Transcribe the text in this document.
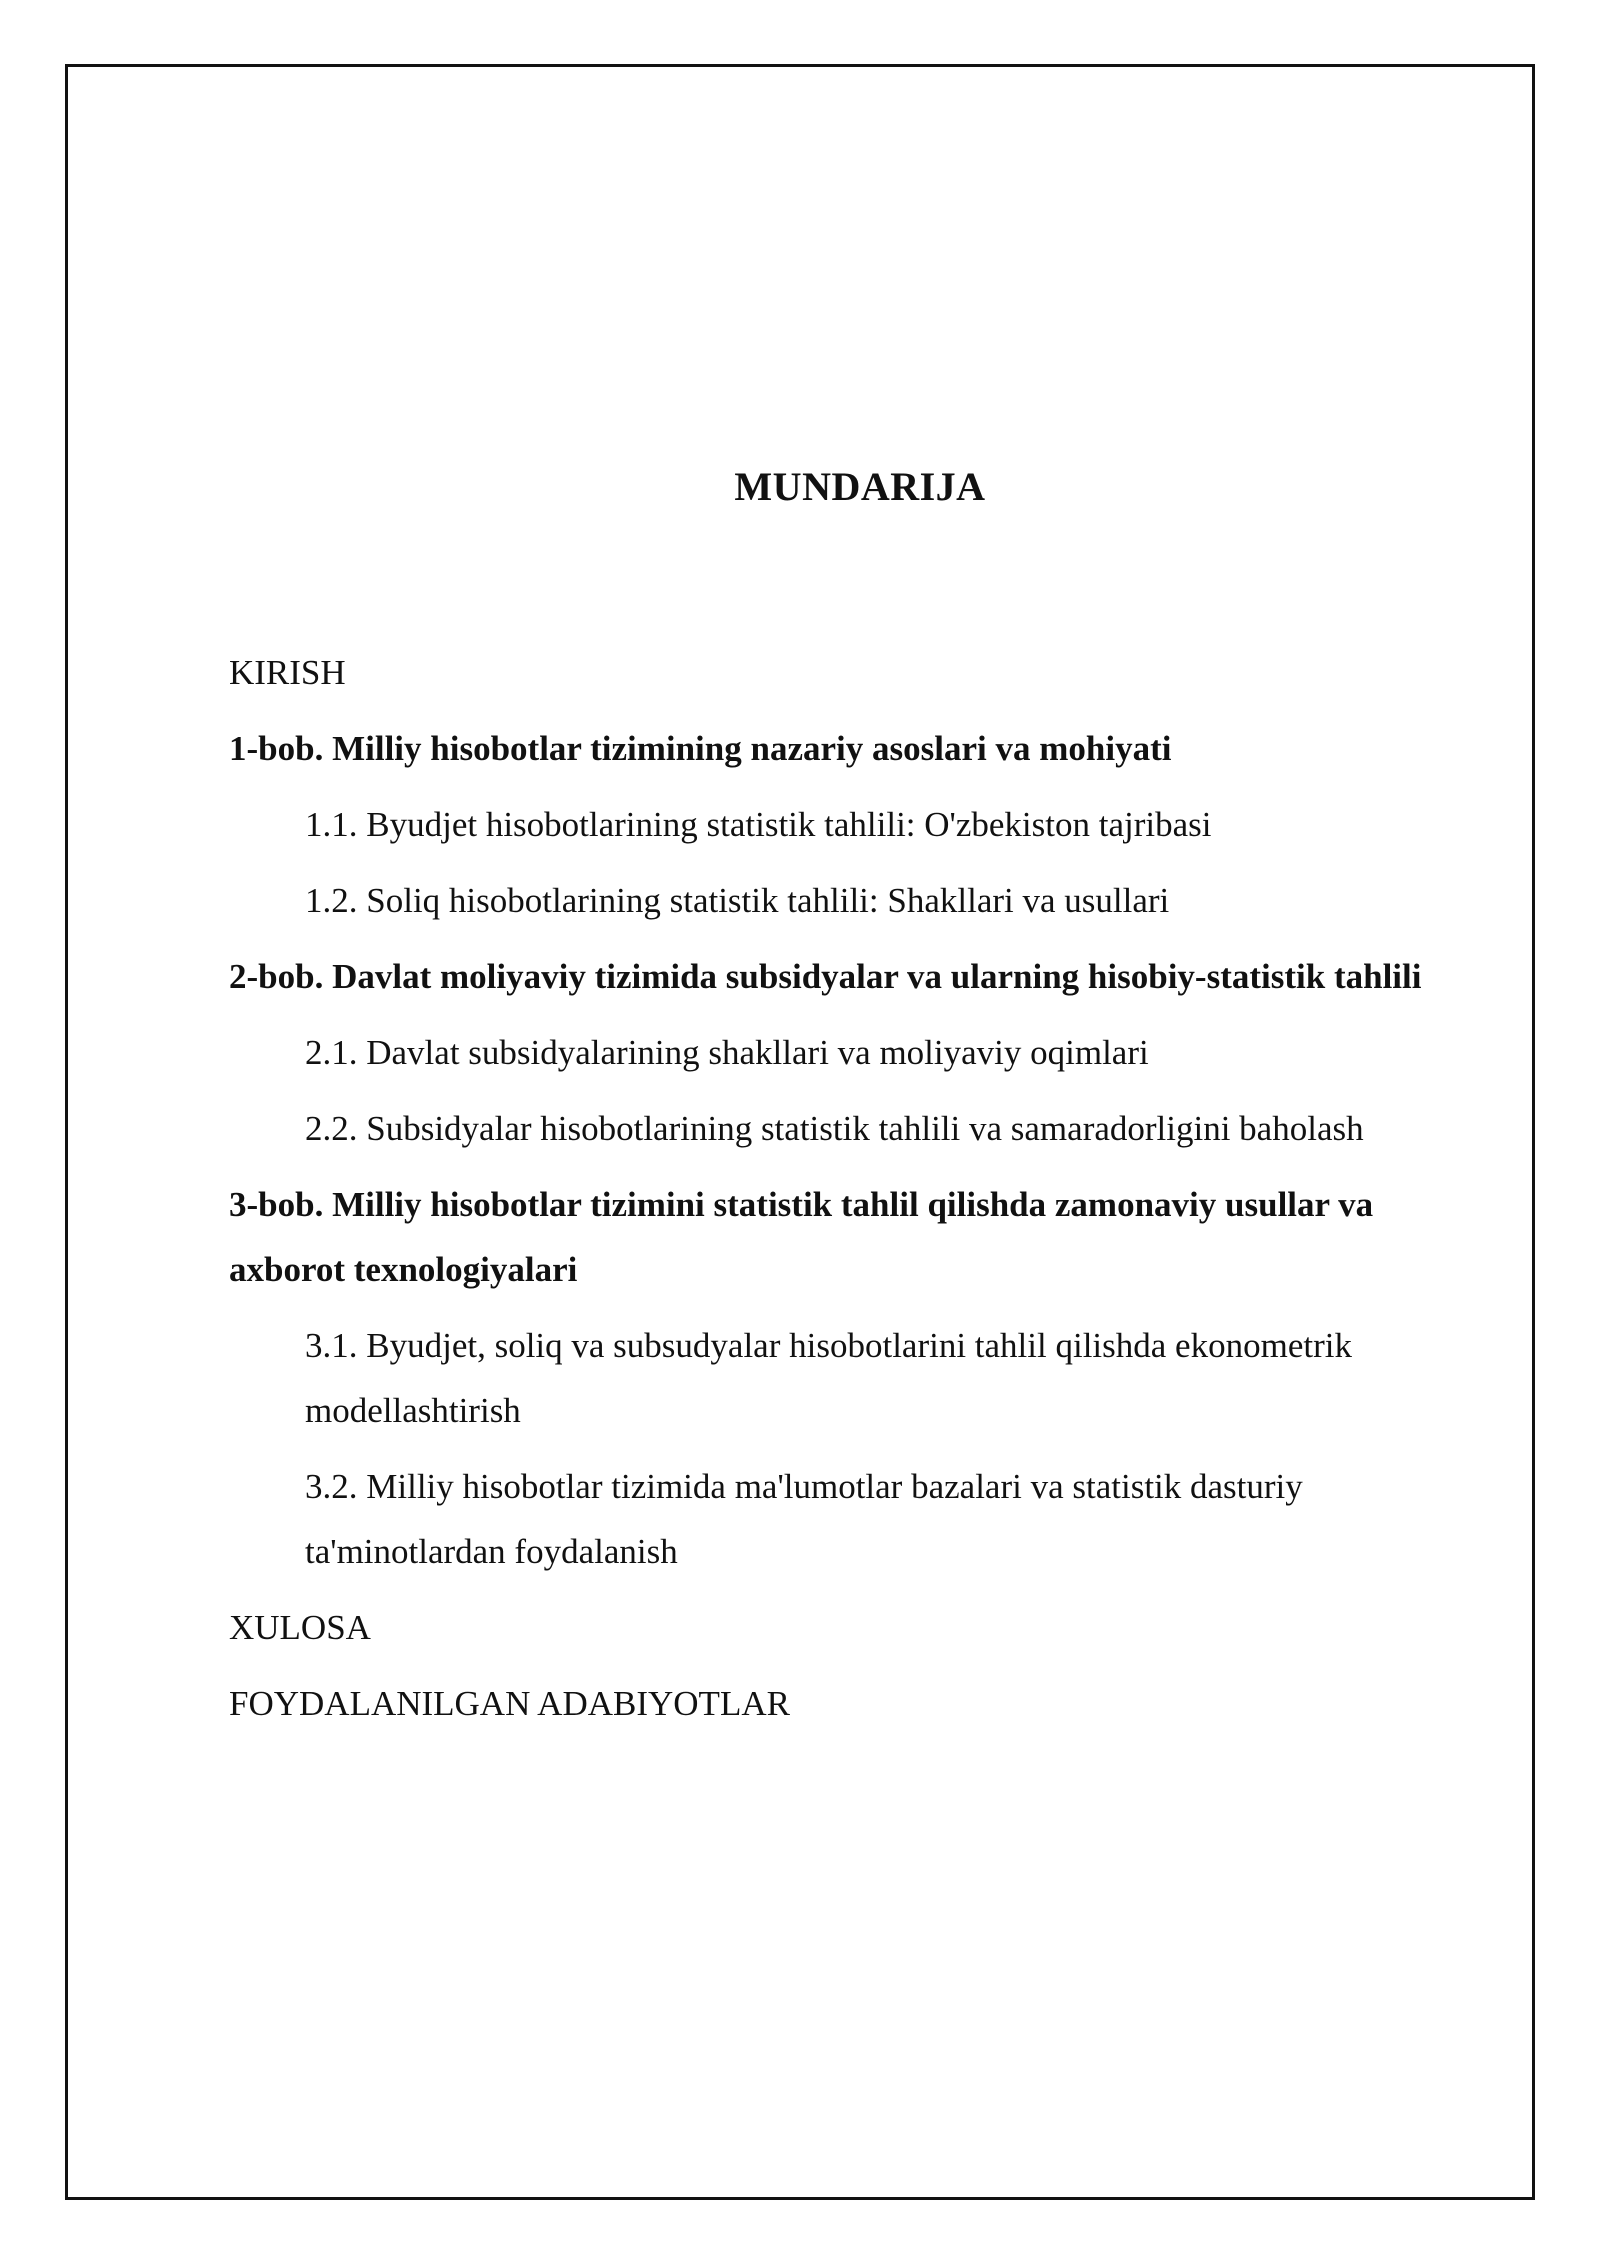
MUNDARIJA
KIRISH
1-bob. Milliy hisobotlar tizimining nazariy asoslari va mohiyati
1.1. Byudjet hisobotlarining statistik tahlili: O'zbekiston tajribasi
1.2. Soliq hisobotlarining statistik tahlili: Shakllari va usullari
2-bob. Davlat moliyaviy tizimida subsidyalar va ularning hisobiy-statistik tahlili
2.1. Davlat subsidyalarining shakllari va moliyaviy oqimlari
2.2. Subsidyalar hisobotlarining statistik tahlili va samaradorligini baholash
3-bob. Milliy hisobotlar tizimini statistik tahlil qilishda zamonaviy usullar va axborot texnologiyalari
3.1. Byudjet, soliq va subsudyalar hisobotlarini tahlil qilishda ekonometrik modellashtirish
3.2. Milliy hisobotlar tizimida ma'lumotlar bazalari va statistik dasturiy ta'minotlardan foydalanish
XULOSA
FOYDALANILGAN ADABIYOTLAR
